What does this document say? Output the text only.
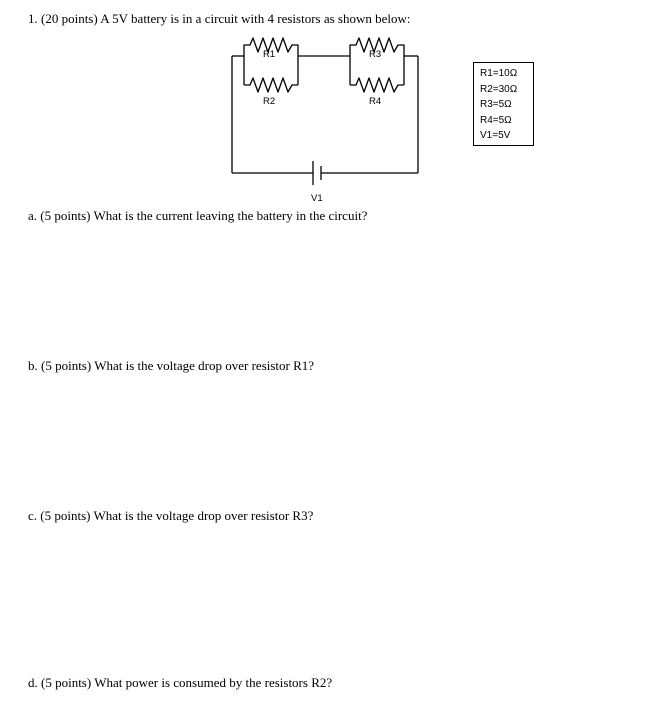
1. (20 points) A 5V battery is in a circuit with 4 resistors as shown below:
R1
R2
R3
R4
V1
R1=10Ω
R2=30Ω
R3=5Ω
R4=5Ω
V1=5V
a. (5 points) What is the current leaving the battery in the circuit?
b. (5 points) What is the voltage drop over resistor R1?
c. (5 points) What is the voltage drop over resistor R3?
d. (5 points) What power is consumed by the resistors R2?
